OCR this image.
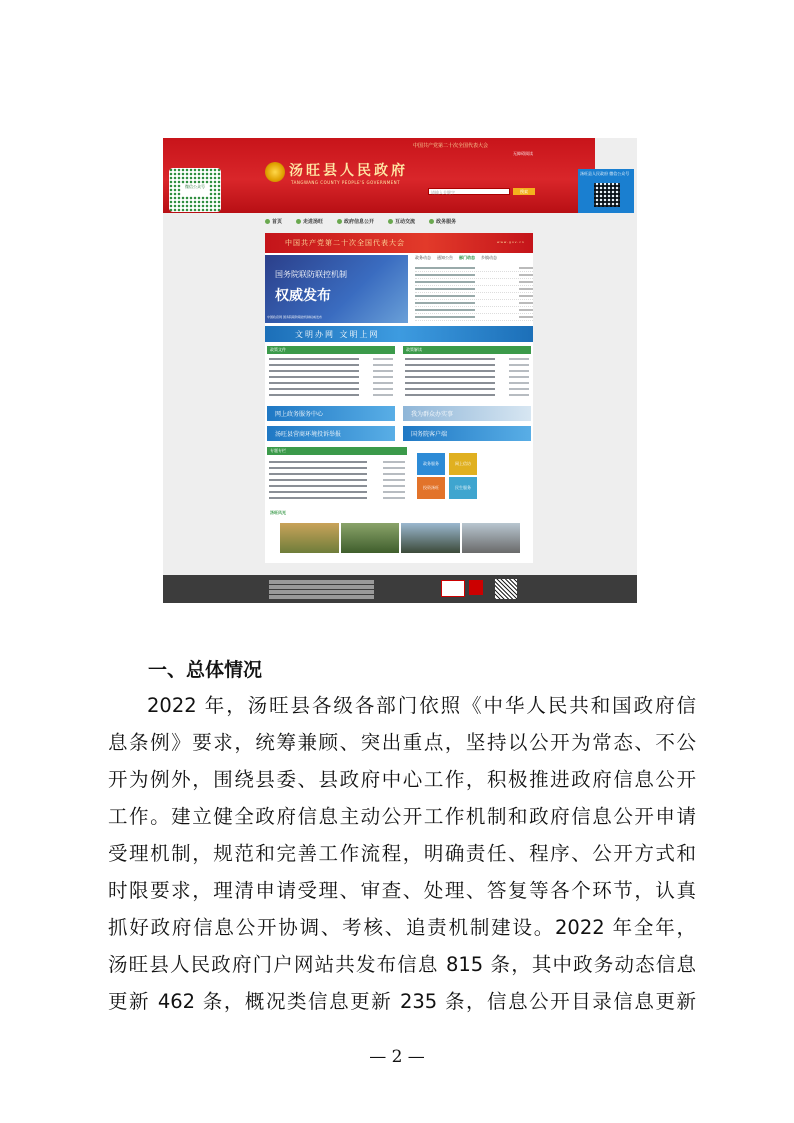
汤旺县人民政府
TANGWANG COUNTY PEOPLE'S GOVERNMENT
中国共产党第二十次全国代表大会
无障碍阅读
请输入关键字	搜索
微信公众号
汤旺县人民政府 微信公众号
首页	走进汤旺	政府信息公开	互动交流	政务服务
中国共产党第二十次全国代表大会	www.gov.cn
国务院联防联控机制
权威发布
中国政府网 国务院联防联控机制权威发布
政务动态 通知公告 部门动态 乡镇动态
文明办网 文明上网
政策文件	政策解读
网上政务服务中心	我为群众办实事
汤旺县营商环境投诉举报	国务院客户端
专题专栏
政务服务	网上信访
投资汤旺	民生服务
汤旺风光
一、总体情况
2022 年，汤旺县各级各部门依照《中华人民共和国政府信
息条例》要求，统筹兼顾、突出重点，坚持以公开为常态、不公
开为例外，围绕县委、县政府中心工作，积极推进政府信息公开
工作。建立健全政府信息主动公开工作机制和政府信息公开申请
受理机制，规范和完善工作流程，明确责任、程序、公开方式和
时限要求，理清申请受理、审查、处理、答复等各个环节，认真
抓好政府信息公开协调、考核、追责机制建设。2022 年全年，
汤旺县人民政府门户网站共发布信息 815 条，其中政务动态信息
更新 462 条，概况类信息更新 235 条，信息公开目录信息更新
— 2 —
